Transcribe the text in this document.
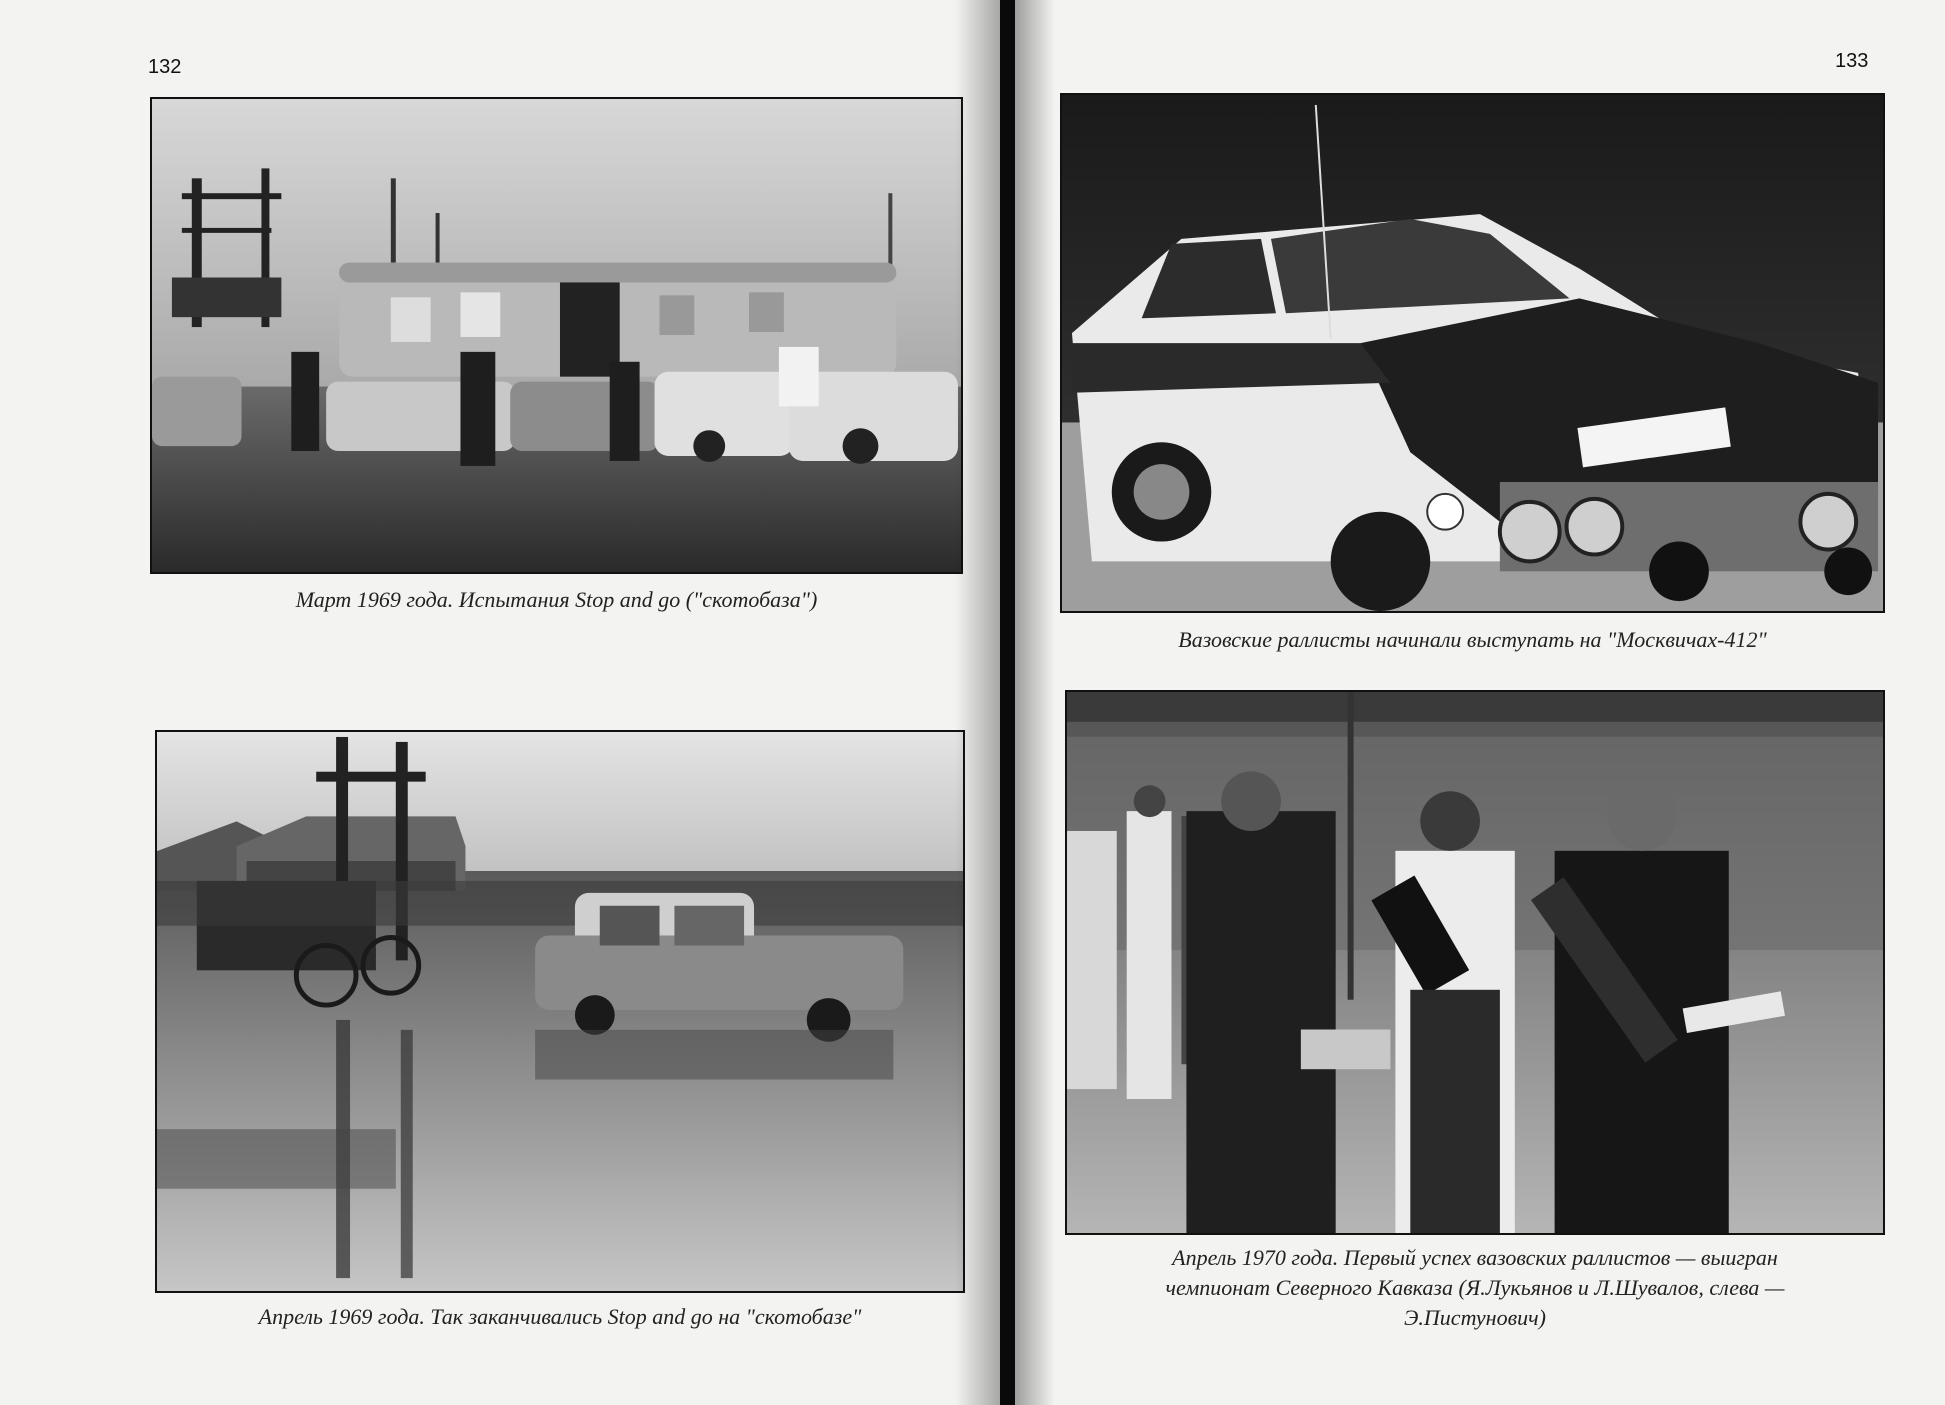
132
Март 1969 года. Испытания Stop and go ("скотобаза")
Апрель 1969 года. Так заканчивались Stop and go на "скотобазе"
133
Вазовские раллисты начинали выступать на "Москвичах-412"
Апрель 1970 года. Первый успех вазовских раллистов — выигран
чемпионат Северного Кавказа (Я.Лукьянов и Л.Шувалов, слева —
Э.Пистунович)
